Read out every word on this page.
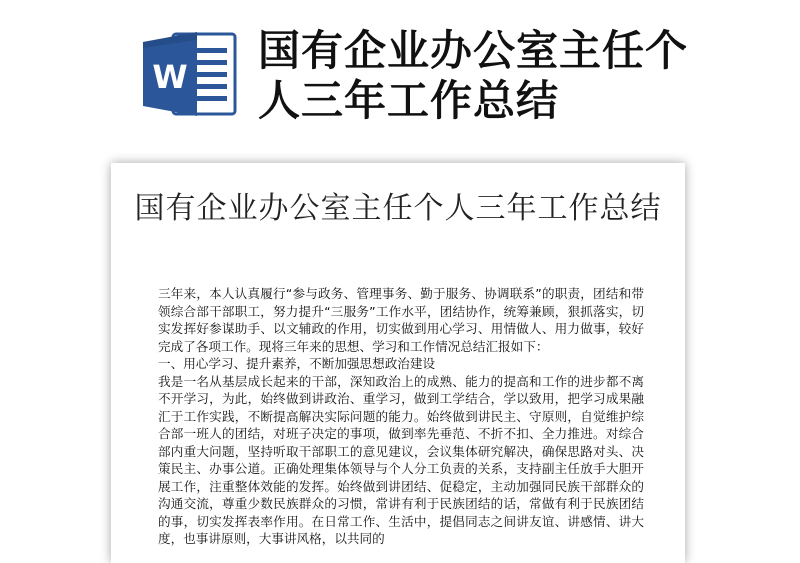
W
国有企业办公室主任个人三年工作总结
国有企业办公室主任个人三年工作总结

三年来，本人认真履行“参与政务、管理事务、勤于服务、协调联系”的职责，团结和带领综合部干部职工，努力提升“三服务”工作水平，团结协作，统筹兼顾，狠抓落实，切实发挥好参谋助手、以文辅政的作用，切实做到用心学习、用情做人、用力做事，较好完成了各项工作。现将三年来的思想、学习和工作情况总结汇报如下：

一、用心学习、提升素养，不断加强思想政治建设

我是一名从基层成长起来的干部，深知政治上的成熟、能力的提高和工作的进步都不离不开学习，为此，始终做到讲政治、重学习，做到工学结合，学以致用，把学习成果融汇于工作实践，不断提高解决实际问题的能力。始终做到讲民主、守原则，自觉维护综合部一班人的团结，对班子决定的事项，做到率先垂范、不折不扣、全力推进。对综合部内重大问题，坚持听取干部职工的意见建议，会议集体研究解决，确保思路对头、决策民主、办事公道。正确处理集体领导与个人分工负责的关系，支持副主任放手大胆开展工作，注重整体效能的发挥。始终做到讲团结、促稳定，主动加强同民族干部群众的沟通交流，尊重少数民族群众的习惯，常讲有利于民族团结的话，常做有利于民族团结的事，切实发挥表率作用。在日常工作、生活中，提倡同志之间讲友谊、讲感情、讲大度，也事讲原则，大事讲风格，以共同的
